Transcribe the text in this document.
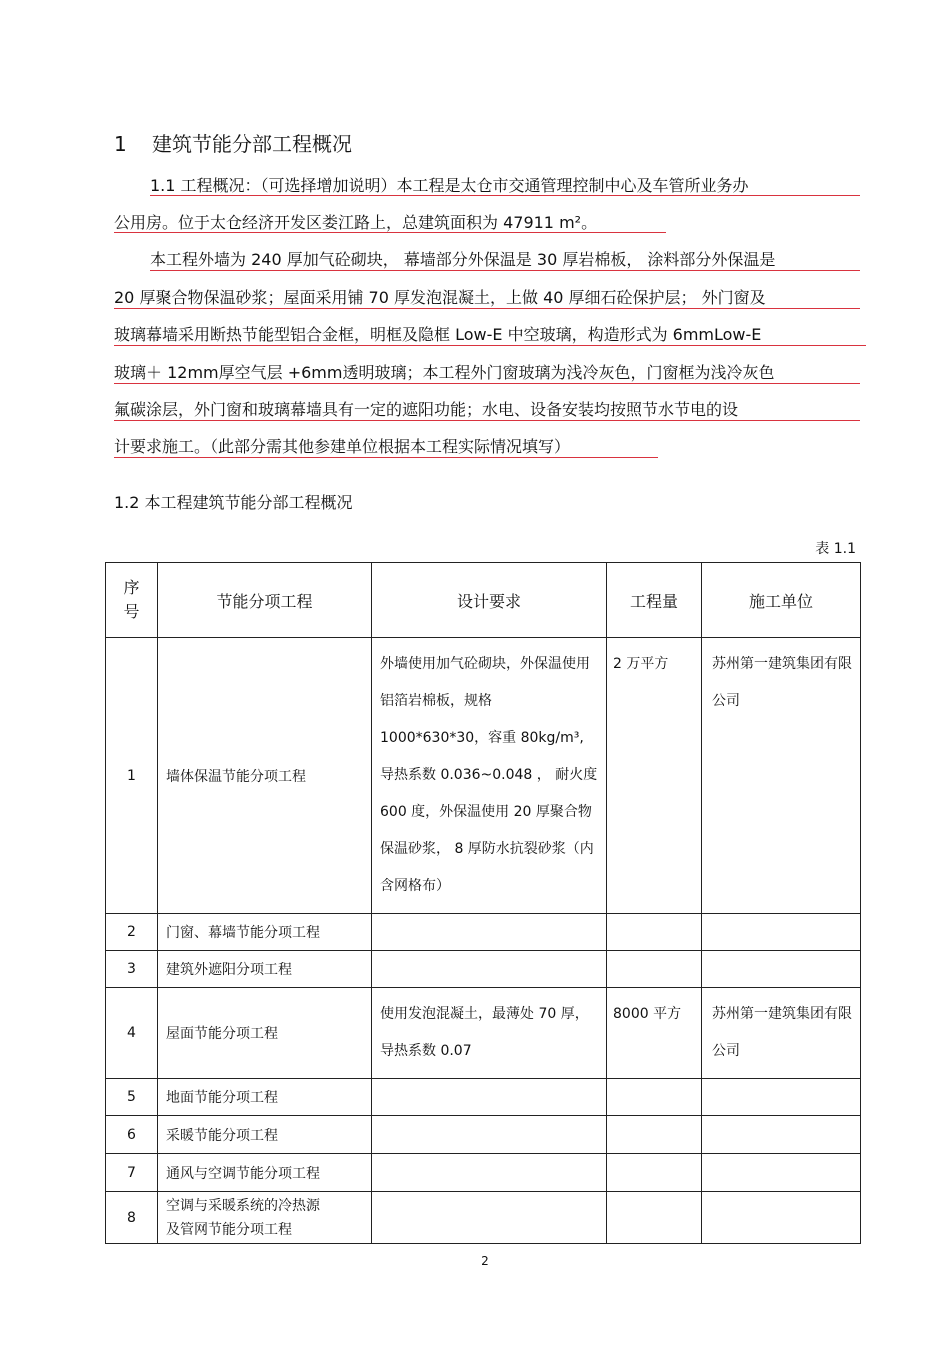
1 建筑节能分部工程概况
1.1 工程概况：（可选择增加说明）本工程是太仓市交通管理控制中心及车管所业务办
公用房。位于太仓经济开发区娄江路上，总建筑面积为 47911 m²。
本工程外墙为 240 厚加气砼砌块， 幕墙部分外保温是 30 厚岩棉板， 涂料部分外保温是
20 厚聚合物保温砂浆；屋面采用铺 70 厚发泡混凝土，上做 40 厚细石砼保护层； 外门窗及
玻璃幕墙采用断热节能型铝合金框，明框及隐框 Low-E 中空玻璃，构造形式为 6mmLow-E
玻璃＋ 12mm厚空气层 +6mm透明玻璃；本工程外门窗玻璃为浅冷灰色，门窗框为浅冷灰色
氟碳涂层，外门窗和玻璃幕墙具有一定的遮阳功能；水电、设备安装均按照节水节电的设
计要求施工。（此部分需其他参建单位根据本工程实际情况填写）
1.2 本工程建筑节能分部工程概况
表 1.1
序
号	节能分项工程	设计要求	工程量	施工单位
1	墙体保温节能分项工程	外墙使用加气砼砌块，外保温使用铝箔岩棉板，规格 1000*630*30，容重 80kg/m³, 导热系数 0.036~0.048 ， 耐火度 600 度，外保温使用 20 厚聚合物保温砂浆， 8 厚防水抗裂砂浆（内含网格布）	2 万平方	苏州第一建筑集团有限公司
2	门窗、幕墙节能分项工程			
3	建筑外遮阳分项工程			
4	屋面节能分项工程	使用发泡混凝土，最薄处 70 厚，导热系数 0.07	8000 平方	苏州第一建筑集团有限公司
5	地面节能分项工程			
6	采暖节能分项工程			
7	通风与空调节能分项工程			
8	空调与采暖系统的冷热源及管网节能分项工程			
2
